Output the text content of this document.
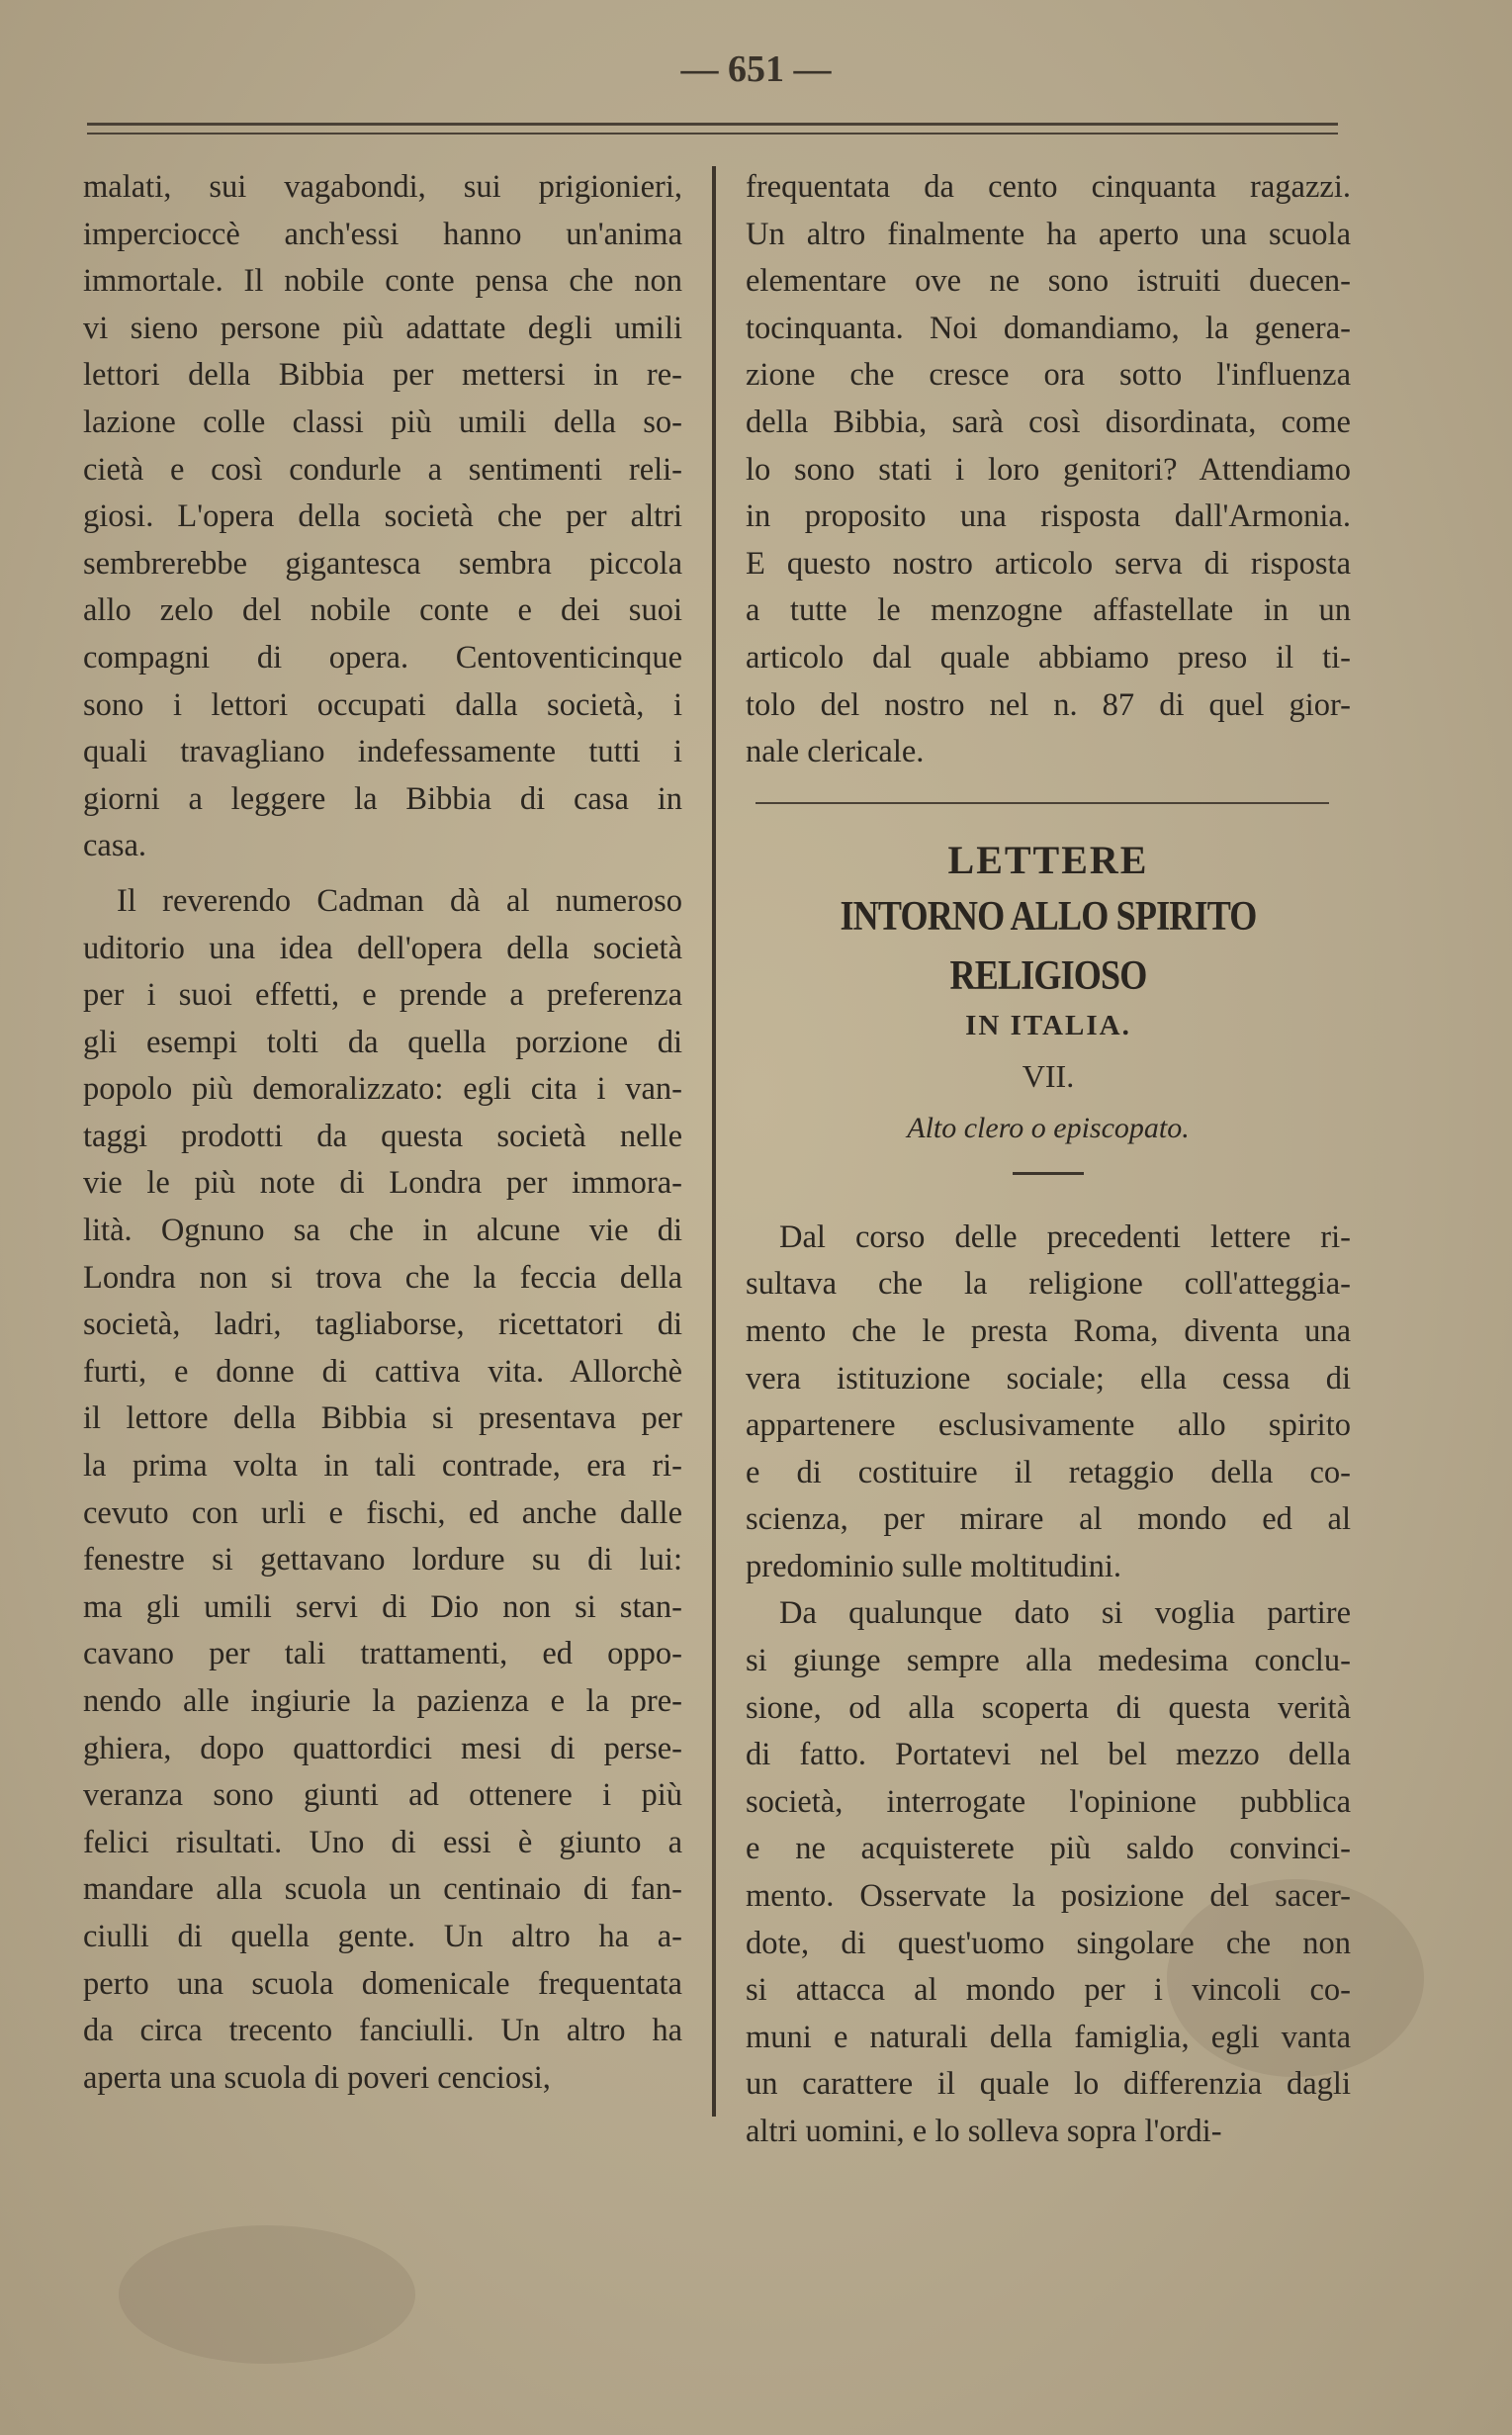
— 651 —
malati, sui vagabondi, sui prigionieri,
impercioccè anch'essi hanno un'anima
immortale. Il nobile conte pensa che non
vi sieno persone più adattate degli umili
lettori della Bibbia per mettersi in re-
lazione colle classi più umili della so-
cietà e così condurle a sentimenti reli-
giosi. L'opera della società che per altri
sembrerebbe gigantesca sembra piccola
allo zelo del nobile conte e dei suoi
compagni di opera. Centoventicinque
sono i lettori occupati dalla società, i
quali travagliano indefessamente tutti i
giorni a leggere la Bibbia di casa in
casa.
Il reverendo Cadman dà al numeroso
uditorio una idea dell'opera della società
per i suoi effetti, e prende a preferenza
gli esempi tolti da quella porzione di
popolo più demoralizzato: egli cita i van-
taggi prodotti da questa società nelle
vie le più note di Londra per immora-
lità. Ognuno sa che in alcune vie di
Londra non si trova che la feccia della
società, ladri, tagliaborse, ricettatori di
furti, e donne di cattiva vita. Allorchè
il lettore della Bibbia si presentava per
la prima volta in tali contrade, era ri-
cevuto con urli e fischi, ed anche dalle
fenestre si gettavano lordure su di lui:
ma gli umili servi di Dio non si stan-
cavano per tali trattamenti, ed oppo-
nendo alle ingiurie la pazienza e la pre-
ghiera, dopo quattordici mesi di perse-
veranza sono giunti ad ottenere i più
felici risultati. Uno di essi è giunto a
mandare alla scuola un centinaio di fan-
ciulli di quella gente. Un altro ha a-
perto una scuola domenicale frequentata
da circa trecento fanciulli. Un altro ha
aperta una scuola di poveri cenciosi,
frequentata da cento cinquanta ragazzi.
Un altro finalmente ha aperto una scuola
elementare ove ne sono istruiti duecen-
tocinquanta. Noi domandiamo, la genera-
zione che cresce ora sotto l'influenza
della Bibbia, sarà così disordinata, come
lo sono stati i loro genitori? Attendiamo
in proposito una risposta dall'Armonia.
E questo nostro articolo serva di risposta
a tutte le menzogne affastellate in un
articolo dal quale abbiamo preso il ti-
tolo del nostro nel n. 87 di quel gior-
nale clericale.
LETTERE
INTORNO ALLO SPIRITO RELIGIOSO
IN ITALIA.
VII.
Alto clero o episcopato.
Dal corso delle precedenti lettere ri-
sultava che la religione coll'atteggia-
mento che le presta Roma, diventa una
vera istituzione sociale; ella cessa di
appartenere esclusivamente allo spirito
e di costituire il retaggio della co-
scienza, per mirare al mondo ed al
predominio sulle moltitudini.
Da qualunque dato si voglia partire
si giunge sempre alla medesima conclu-
sione, od alla scoperta di questa verità
di fatto. Portatevi nel bel mezzo della
società, interrogate l'opinione pubblica
e ne acquisterete più saldo convinci-
mento. Osservate la posizione del sacer-
dote, di quest'uomo singolare che non
si attacca al mondo per i vincoli co-
muni e naturali della famiglia, egli vanta
un carattere il quale lo differenzia dagli
altri uomini, e lo solleva sopra l'ordi-
